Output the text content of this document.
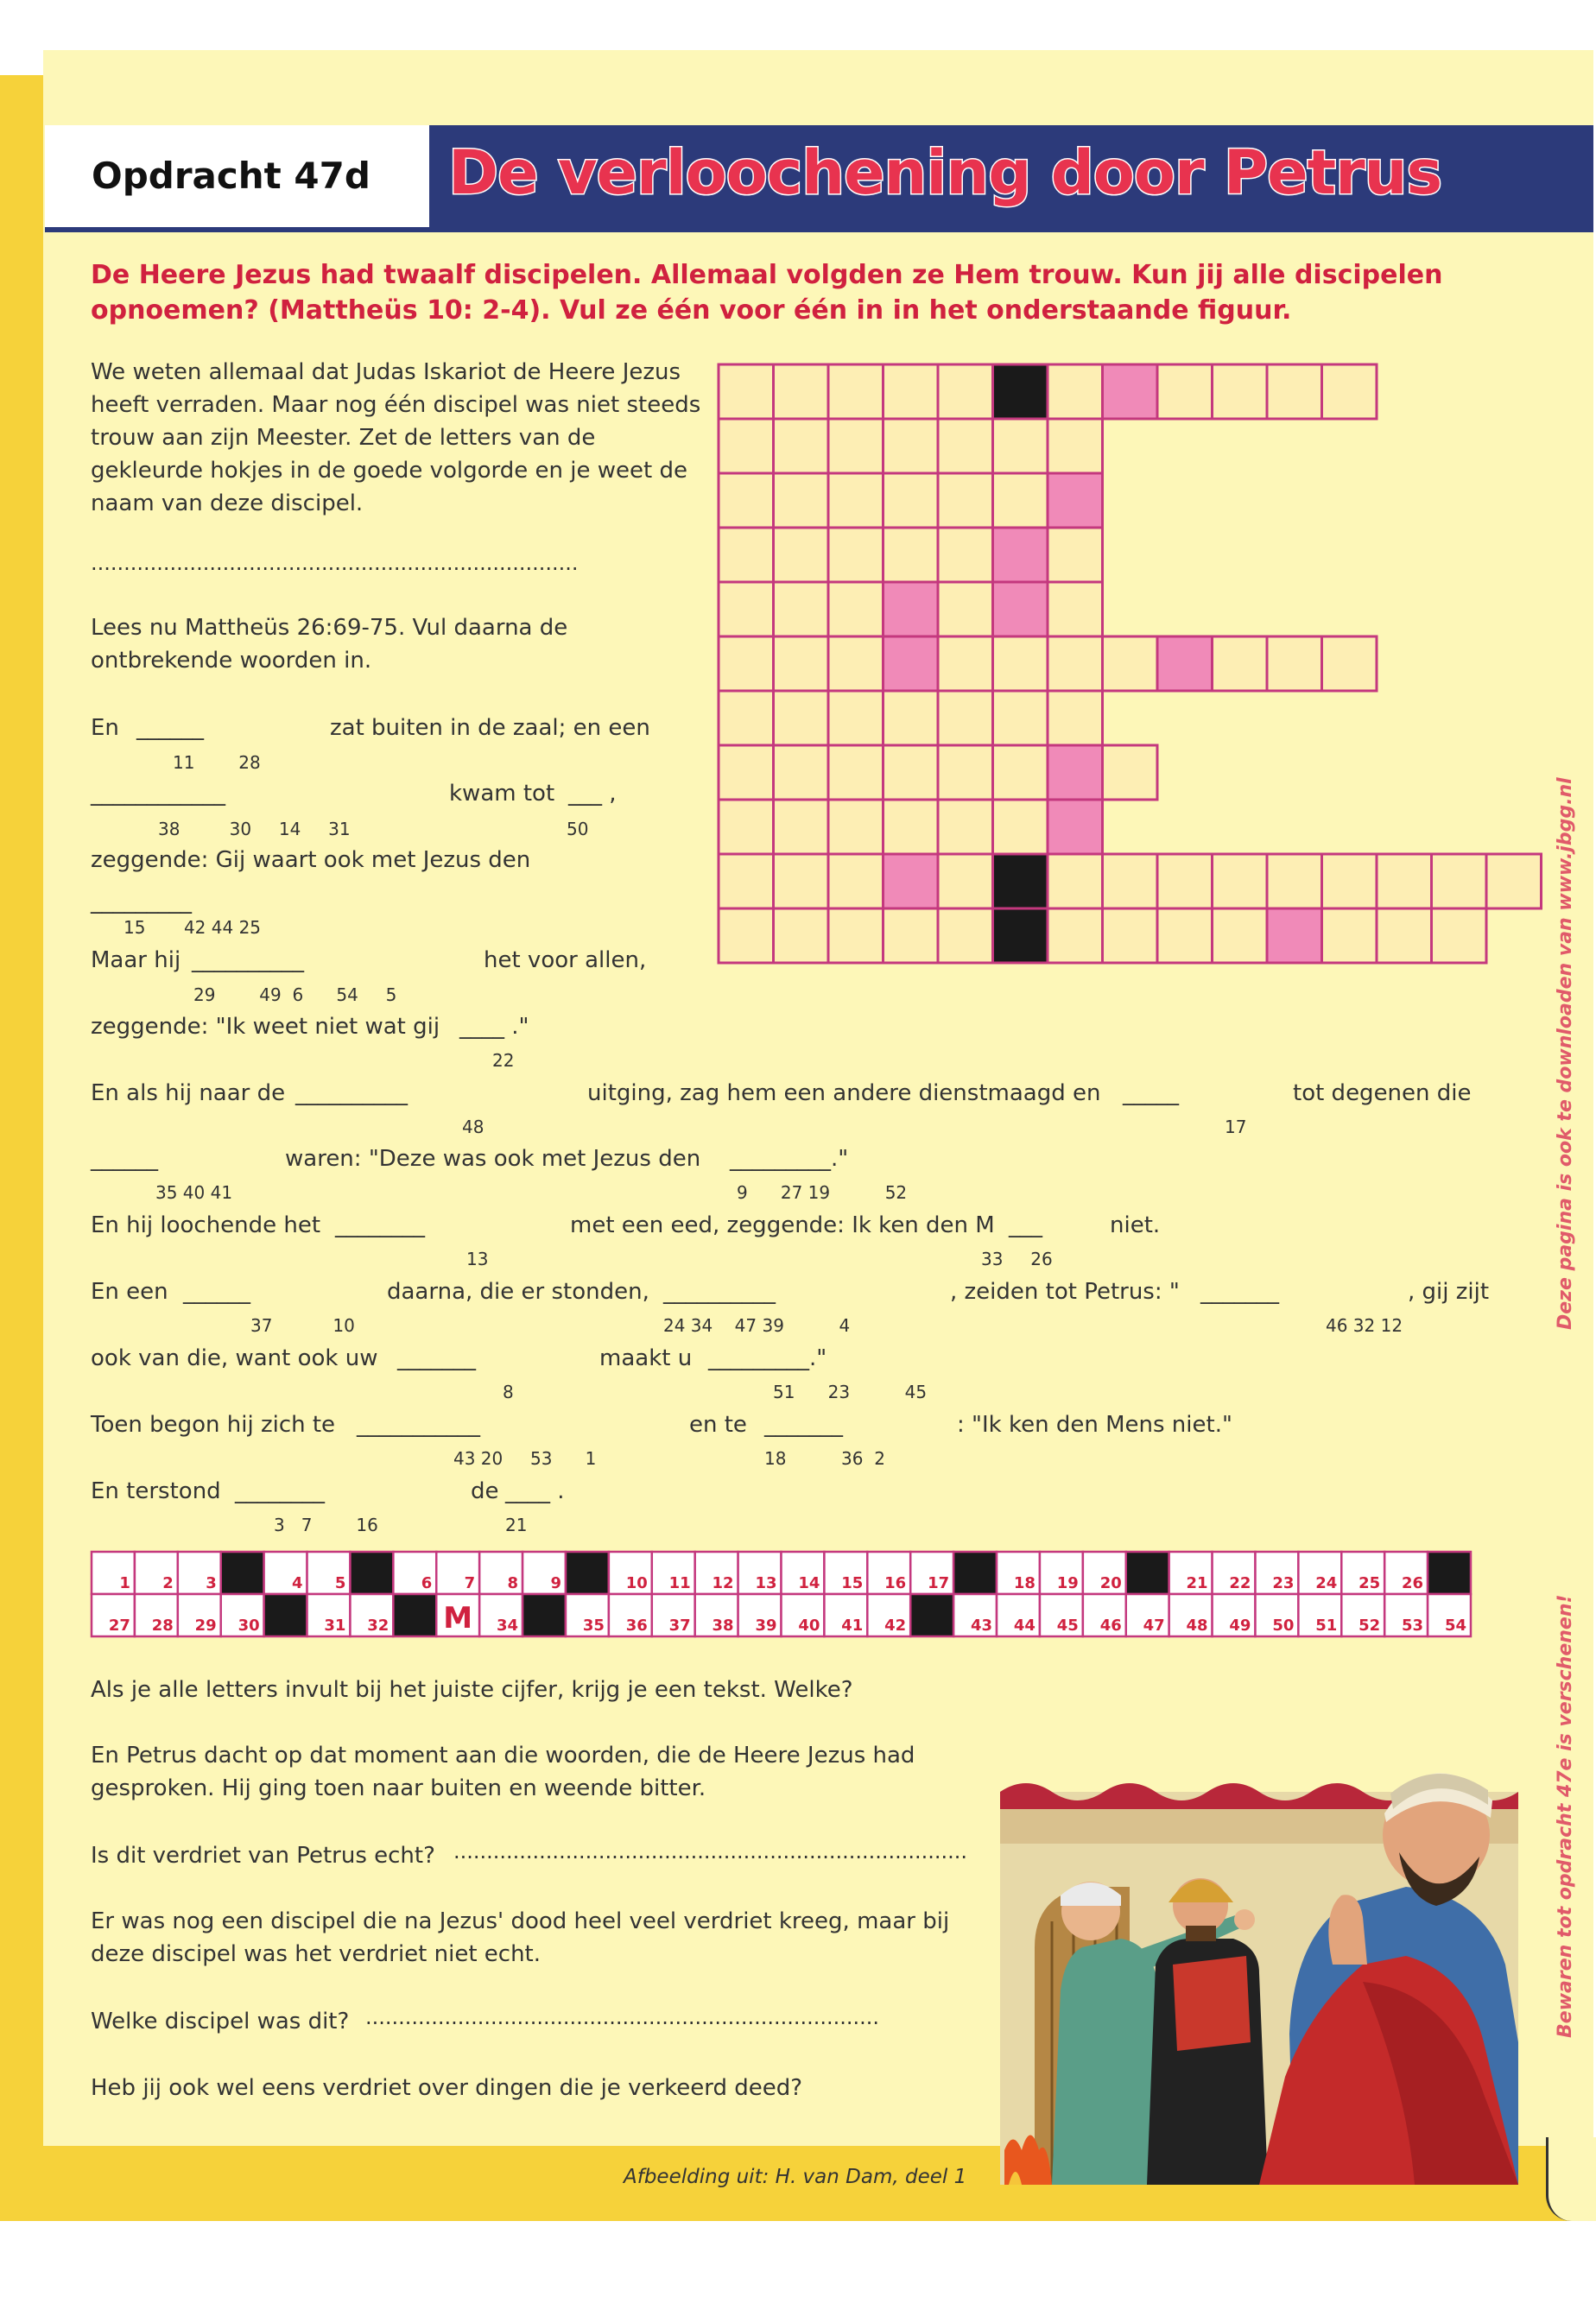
Opdracht 47d De verloochening door Petrus
De Heere Jezus had twaalf discipelen. Allemaal volgden ze Hem trouw. Kun jij alle discipelen opnoemen? (Mattheüs 10: 2-4). Vul ze één voor één in in het onderstaande figuur.
We weten allemaal dat Judas Iskariot de Heere Jezus heeft verraden. Maar nog één discipel was niet steeds trouw aan zijn Meester. Zet de letters van de gekleurde hokjes in de goede volgorde en je weet de naam van deze discipel.
..........................................................................
Lees nu Mattheüs 26:69-75. Vul daarna de ontbrekende woorden in.
En ______	zat buiten in de zaal; en een
11        28
____________	kwam tot ___ ,
38         30     14     31	50
zeggende: Gij waart ook met Jezus den
_________
15       42 44 25
Maar hij __________	het voor allen,
29        49  6      54     5
zeggende: "Ik weet niet wat gij ____ ."
22
En als hij naar de __________	uitging, zag hem een andere dienstmaagd en _____	tot degenen die
48	17
______	waren: "Deze was ook met Jezus den _________."
35 40 41	9      27 19          52
En hij loochende het ________	met een eed, zeggende: Ik ken den M ___	niet.
13	33     26
En een ______	daarna, die er stonden, __________	, zeiden tot Petrus: " _______	, gij zijt
37           10	24 34    47 39          4	46 32 12
ook van die, want ook uw _______	maakt u _________."
8	51      23          45
Toen begon hij zich te ___________	en te _______	: "Ik ken den Mens niet."
43 20     53      1	18          36  2
En terstond ________	de ____ .
3   7        16	21
1 2 3	4 5	6 7 8 9	10 11 12 13 14 15 16 17	18 19 20	21 22 23 24 25 26
27 28 29 30	31 32 M 34	35 36 37 38 39 40 41 42	43 44 45 46 47 48 49 50 51 52 53 54
Als je alle letters invult bij het juiste cijfer, krijg je een tekst. Welke?
En Petrus dacht op dat moment aan die woorden, die de Heere Jezus had gesproken. Hij ging toen naar buiten en weende bitter.
Is dit verdriet van Petrus echt? ..............................................................................
Er was nog een discipel die na Jezus' dood heel veel verdriet kreeg, maar bij deze discipel was het verdriet niet echt.
Welke discipel was dit? ..............................................................................
Heb jij ook wel eens verdriet over dingen die je verkeerd deed?
Afbeelding uit: H. van Dam, deel 1
Deze pagina is ook te downloaden van www.jbgg.nl
Bewaren tot opdracht 47e is verschenen!
